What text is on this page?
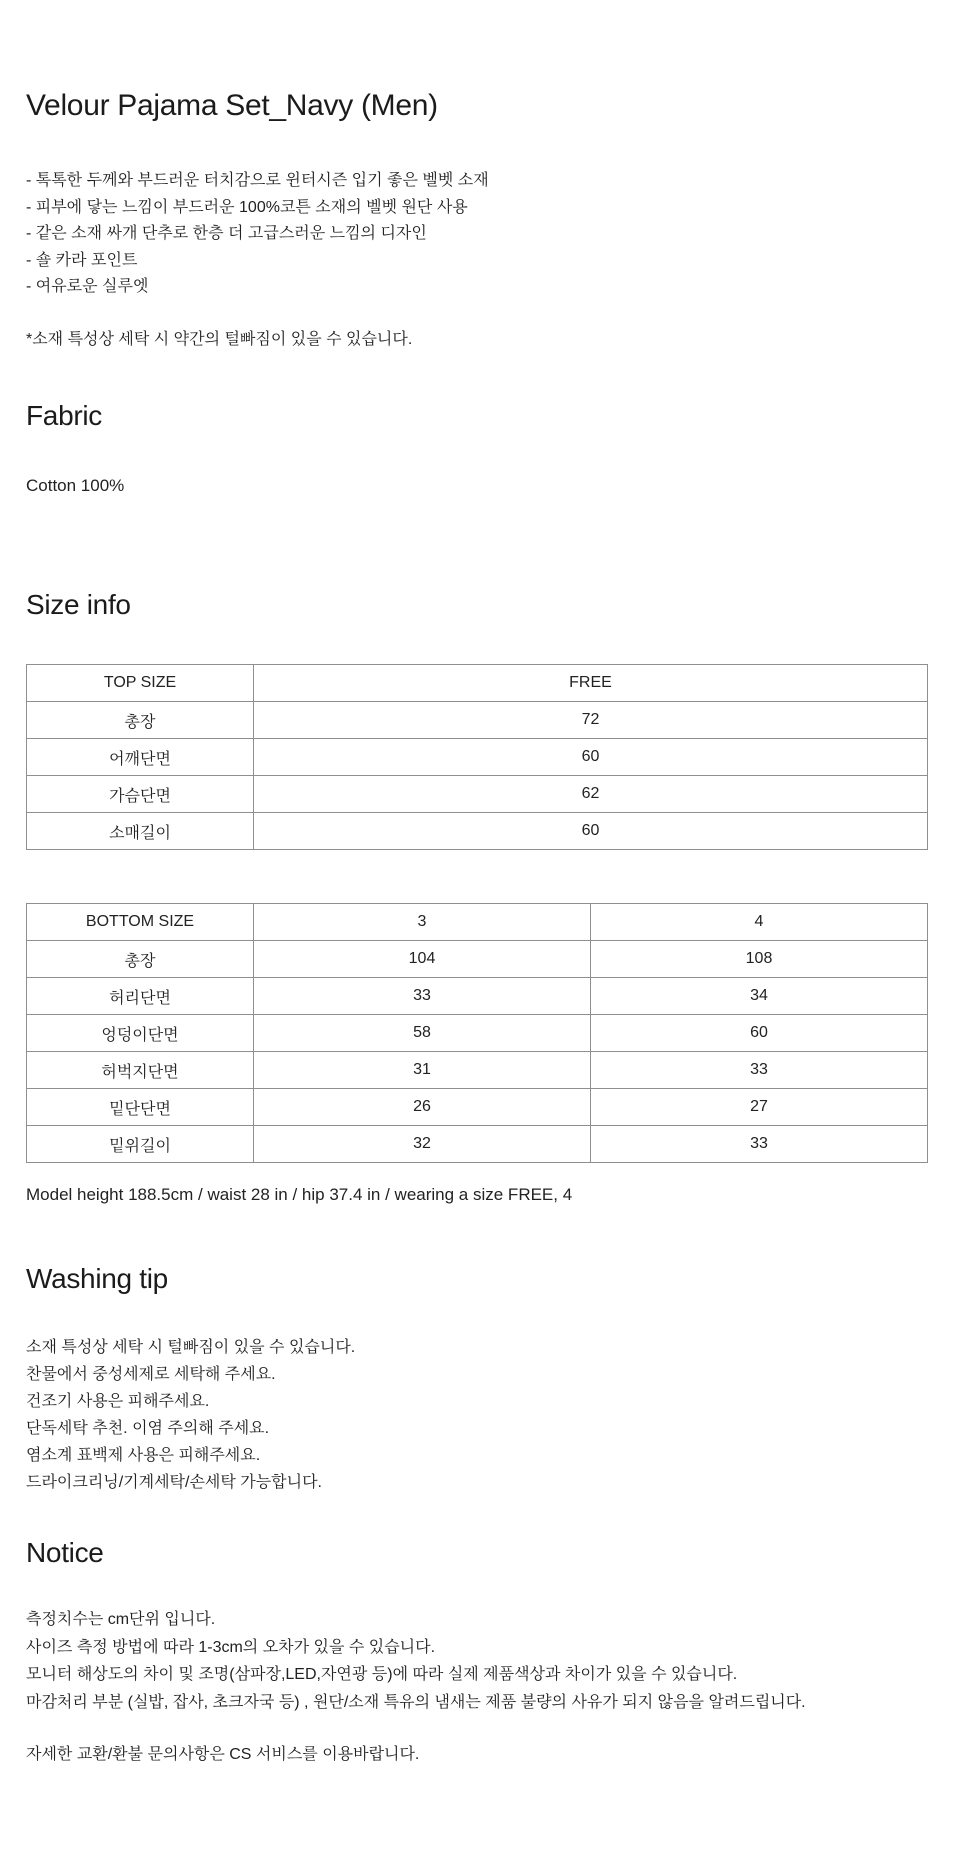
Velour Pajama Set_Navy (Men)
- 톡톡한 두께와 부드러운 터치감으로 윈터시즌 입기 좋은 벨벳 소재
- 피부에 닿는 느낌이 부드러운 100%코튼 소재의 벨벳 원단 사용
- 같은 소재 싸개 단추로 한층 더 고급스러운 느낌의 디자인
- 숄 카라 포인트
- 여유로운 실루엣
*소재 특성상 세탁 시 약간의 털빠짐이 있을 수 있습니다.
Fabric
Cotton 100%
Size info
TOP SIZE	FREE
총장	72
어깨단면	60
가슴단면	62
소매길이	60
BOTTOM SIZE	3	4
총장	104	108
허리단면	33	34
엉덩이단면	58	60
허벅지단면	31	33
밑단단면	26	27
밑위길이	32	33
Model height 188.5cm / waist 28 in / hip 37.4 in / wearing a size FREE, 4
Washing tip
소재 특성상 세탁 시 털빠짐이 있을 수 있습니다.
찬물에서 중성세제로 세탁해 주세요.
건조기 사용은 피해주세요.
단독세탁 추천. 이염 주의해 주세요.
염소계 표백제 사용은 피해주세요.
드라이크리닝/기계세탁/손세탁 가능합니다.
Notice
측정치수는 cm단위 입니다.
사이즈 측정 방법에 따라 1-3cm의 오차가 있을 수 있습니다.
모니터 해상도의 차이 및 조명(삼파장,LED,자연광 등)에 따라 실제 제품색상과 차이가 있을 수 있습니다.
마감처리 부분 (실밥, 잡사, 초크자국 등) , 원단/소재 특유의 냄새는 제품 불량의 사유가 되지 않음을 알려드립니다.
자세한 교환/환불 문의사항은 CS 서비스를 이용바랍니다.
